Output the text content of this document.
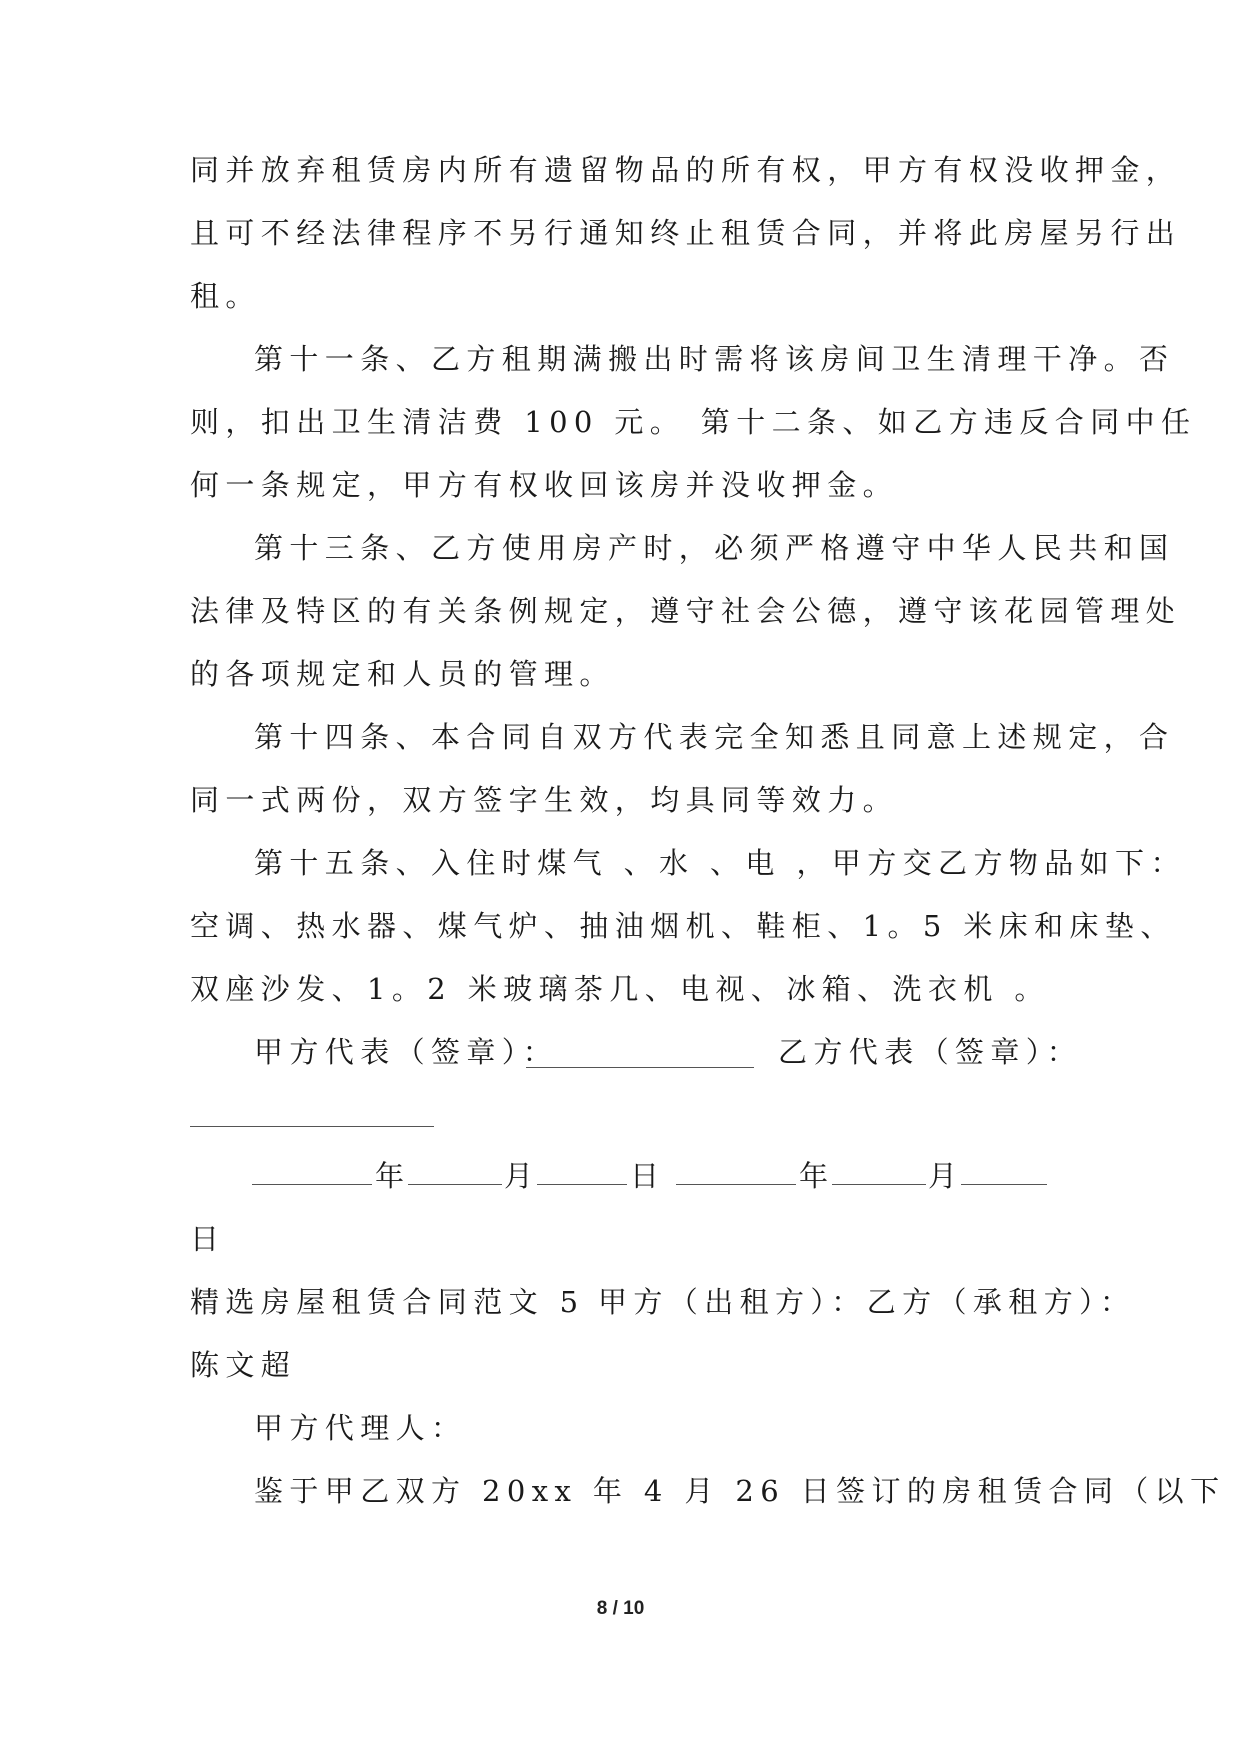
同并放弃租赁房内所有遗留物品的所有权，甲方有权没收押金，
且可不经法律程序不另行通知终止租赁合同，并将此房屋另行出
租。
第十一条、乙方租期满搬出时需将该房间卫生清理干净。否
则，扣出卫生清洁费 100 元。 第十二条、如乙方违反合同中任
何一条规定，甲方有权收回该房并没收押金。
第十三条、乙方使用房产时，必须严格遵守中华人民共和国
法律及特区的有关条例规定，遵守社会公德，遵守该花园管理处
的各项规定和人员的管理。
第十四条、本合同自双方代表完全知悉且同意上述规定，合
同一式两份，双方签字生效，均具同等效力。
第十五条、入住时煤气 、水 、电 ，甲方交乙方物品如下：
空调、热水器、煤气炉、抽油烟机、鞋柜、1。5 米床和床垫、
双座沙发、1。2 米玻璃茶几、电视、冰箱、洗衣机 。
甲方代表（签章）：	乙方代表（签章）：
年	月	日	年	月
日
精选房屋租赁合同范文 5 甲方（出租方）：乙方（承租方）：
陈文超
甲方代理人：
鉴于甲乙双方 20xx 年 4 月 26 日签订的房租赁合同（以下
8 / 10
